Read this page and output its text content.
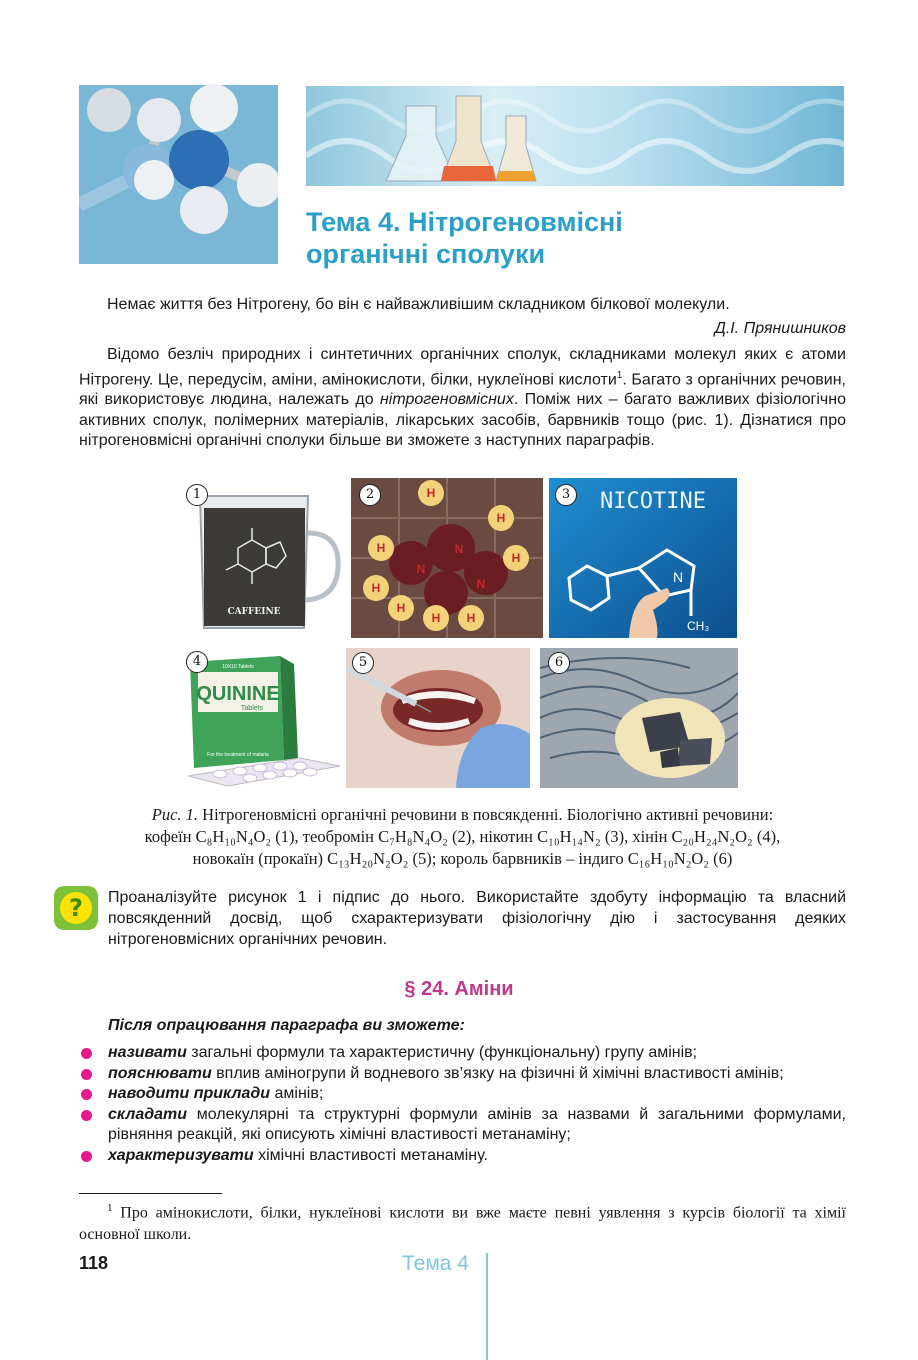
Тема 4. Нітрогеновмісні
органічні сполуки

Немає життя без Нітрогену, бо він є найважливішим складником білкової молекули.

Д.І. Прянишников

Відомо безліч природних і синтетичних органічних сполук, складниками молекул яких є атоми Нітрогену. Це, передусім, аміни, амінокислоти, білки, нуклеїнові кислоти$^1$. Багато з органічних речовин, які використовує людина, належать до нітрогеновмісних. Поміж них – багато важливих фізіологічно активних сполук, полімерних матеріалів, лікарських засобів, барвників тощо (рис. 1). Дізнатися про нітрогеновмісні органічні сполуки більше ви зможете з наступних параграфів.

CAFFEINE
1
H
H
H
H
H
H
H
H
N
N
N
2	NICOTINE
N
CH₃
3
10X10 Tablets
QUININE
Tablets
For the treatment of malaria
4	5	6
Рис. 1. Нітрогеновмісні органічні речовини в повсякденні. Біологічно активні речовини:
кофеїн C₈H₁₀N₄O₂ (1), теобромін C₇H₈N₄O₂ (2), нікотин C₁₀H₁₄N₂ (3), хінін C₂₀H₂₄N₂O₂ (4),
новокаїн (прокаїн) C₁₃H₂₀N₂O₂ (5); король барвників – індиго C₁₆H₁₀N₂O₂ (6)
?	Проаналізуйте рисунок 1 і підпис до нього. Використайте здобуту інформацію та власний повсякденний досвід, щоб схарактеризувати фізіологічну дію і застосування деяких нітрогеновмісних органічних речовин.

§ 24. Аміни
Після опрацювання параграфа ви зможете:
називати загальні формули та характеристичну (функціональну) групу амінів;
пояснювати вплив аміногрупи й водневого зв’язку на фізичні й хімічні властивості амінів;
наводити приклади амінів;
складати молекулярні та структурні формули амінів за назвами й загальними формулами, рівняння реакцій, які описують хімічні властивості метанаміну;
характеризувати хімічні властивості метанаміну.

$^1$ Про амінокислоти, білки, нуклеїнові кислоти ви вже маєте певні уявлення з курсів біології та хімії основної школи.

118	Тема 4
